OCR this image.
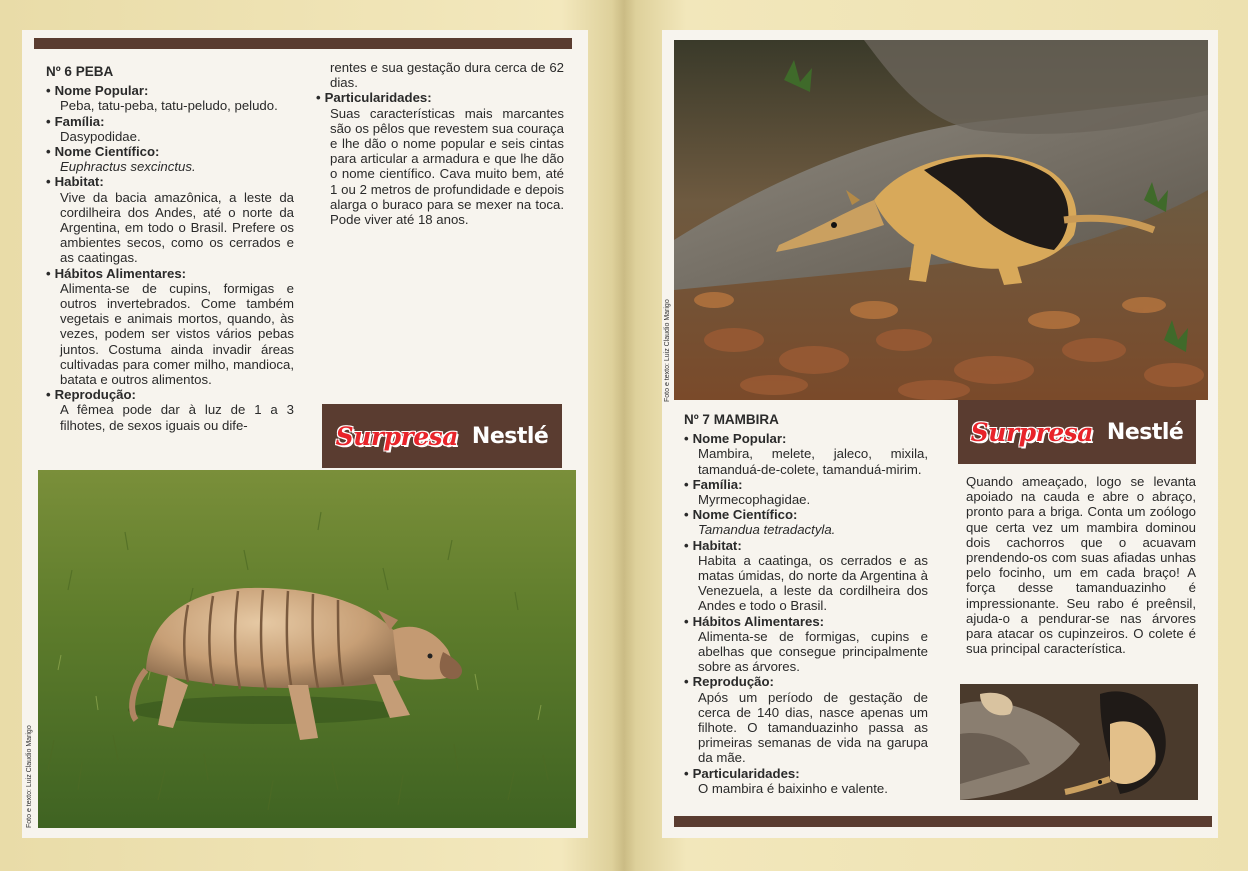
Nº 6 PEBA
• Nome Popular:
Peba, tatu-peba, tatu-peludo, peludo.
• Família:
Dasypodidae.
• Nome Científico:
Euphractus sexcinctus.
• Habitat:
Vive da bacia amazônica, a leste da cordilheira dos Andes, até o norte da Argentina, em todo o Brasil. Prefere os ambientes secos, como os cerrados e as caatingas.
• Hábitos Alimentares:
Alimenta-se de cupins, formigas e outros invertebrados. Come também vegetais e animais mortos, quando, às vezes, podem ser vistos vários pebas juntos. Costuma ainda invadir áreas cultivadas para comer milho, mandioca, batata e outros alimentos.
• Reprodução:
A fêmea pode dar à luz de 1 a 3 filhotes, de sexos iguais ou dife-
rentes e sua gestação dura cerca de 62 dias.
• Particularidades:
Suas características mais marcantes são os pêlos que revestem sua couraça e lhe dão o nome popular e seis cintas para articular a armadura e que lhe dão o nome científico. Cava muito bem, até 1 ou 2 metros de profundidade e depois alarga o buraco para se mexer na toca. Pode viver até 18 anos.
Surpresa Nestlé
Foto e texto: Luiz Claudio Marigo
Foto e texto: Luiz Claudio Marigo
Surpresa Nestlé
Nº 7 MAMBIRA
• Nome Popular:
Mambira, melete, jaleco, mixila, tamanduá-de-colete, tamanduá-mirim.
• Família:
Myrmecophagidae.
• Nome Científico:
Tamandua tetradactyla.
• Habitat:
Habita a caatinga, os cerrados e as matas úmidas, do norte da Argentina à Venezuela, a leste da cordilheira dos Andes e todo o Brasil.
• Hábitos Alimentares:
Alimenta-se de formigas, cupins e abelhas que consegue principalmente sobre as árvores.
• Reprodução:
Após um período de gestação de cerca de 140 dias, nasce apenas um filhote. O tamanduazinho passa as primeiras semanas de vida na garupa da mãe.
• Particularidades:
O mambira é baixinho e valente.
Quando ameaçado, logo se levanta apoiado na cauda e abre o abraço, pronto para a briga. Conta um zoólogo que certa vez um mambira dominou dois cachorros que o acuavam prendendo-os com suas afiadas unhas pelo focinho, um em cada braço! A força desse tamanduazinho é impressionante. Seu rabo é preênsil, ajuda-o a pendurar-se nas árvores para atacar os cupinzeiros. O colete é sua principal característica.
